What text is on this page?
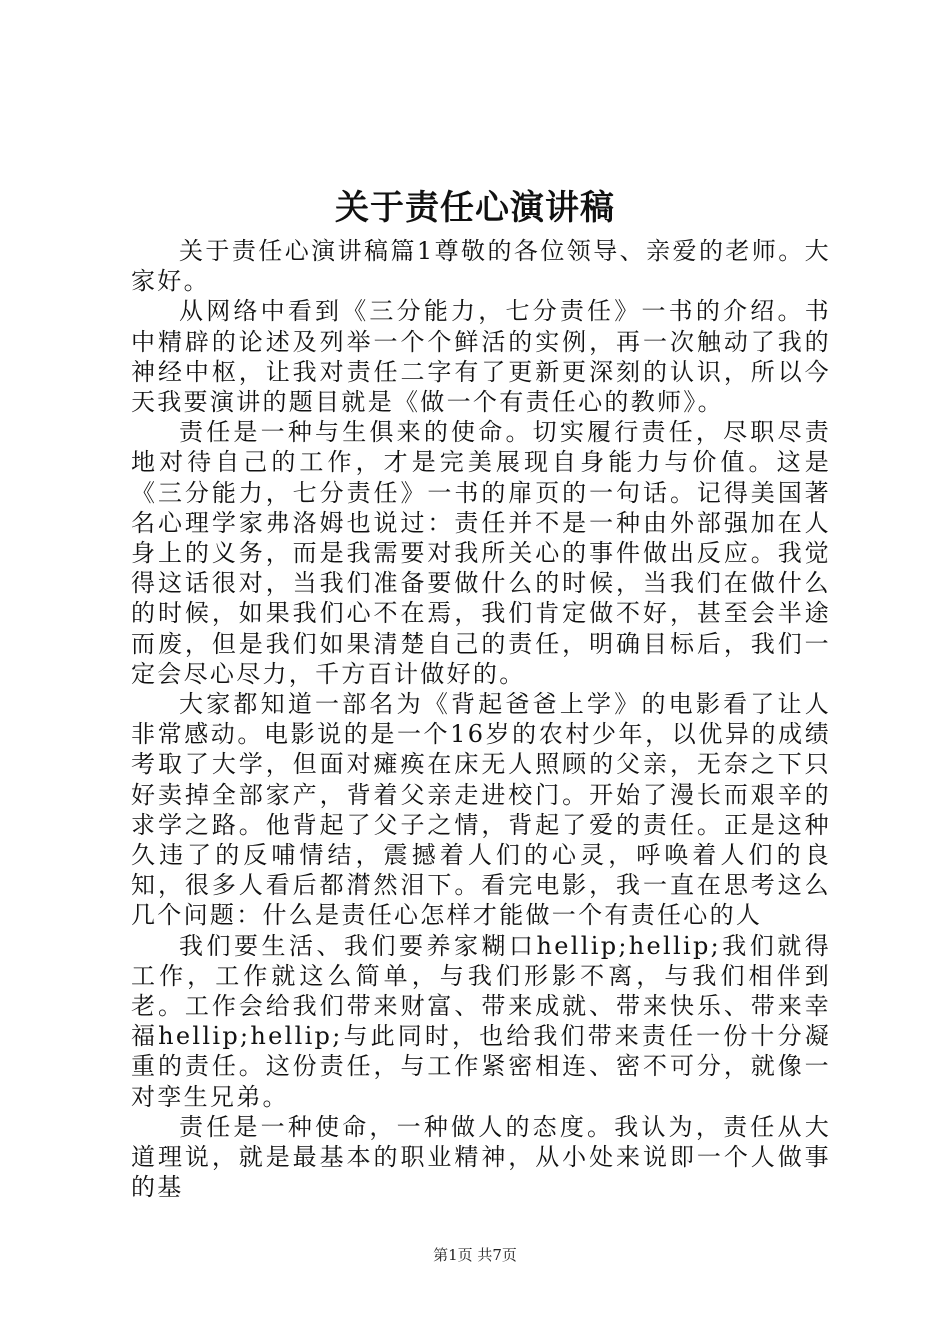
关于责任心演讲稿

关于责任心演讲稿篇1尊敬的各位领导、亲爱的老师。大家好。

从网络中看到《三分能力，七分责任》一书的介绍。书中精辟的论述及列举一个个鲜活的实例，再一次触动了我的神经中枢，让我对责任二字有了更新更深刻的认识，所以今天我要演讲的题目就是《做一个有责任心的教师》。

责任是一种与生俱来的使命。切实履行责任，尽职尽责地对待自己的工作，才是完美展现自身能力与价值。这是《三分能力，七分责任》一书的扉页的一句话。记得美国著名心理学家弗洛姆也说过：责任并不是一种由外部强加在人身上的义务，而是我需要对我所关心的事件做出反应。我觉得这话很对，当我们准备要做什么的时候，当我们在做什么的时候，如果我们心不在焉，我们肯定做不好，甚至会半途而废，但是我们如果清楚自己的责任，明确目标后，我们一定会尽心尽力，千方百计做好的。

大家都知道一部名为《背起爸爸上学》的电影看了让人非常感动。电影说的是一个16岁的农村少年，以优异的成绩考取了大学，但面对瘫痪在床无人照顾的父亲，无奈之下只好卖掉全部家产，背着父亲走进校门。开始了漫长而艰辛的求学之路。他背起了父子之情，背起了爱的责任。正是这种久违了的反哺情结，震撼着人们的心灵，呼唤着人们的良知，很多人看后都潸然泪下。看完电影，我一直在思考这么几个问题：什么是责任心怎样才能做一个有责任心的人

我们要生活、我们要养家糊口hellip;hellip;我们就得工作，工作就这么简单，与我们形影不离，与我们相伴到老。工作会给我们带来财富、带来成就、带来快乐、带来幸福hellip;hellip;与此同时，也给我们带来责任一份十分凝重的责任。这份责任，与工作紧密相连、密不可分，就像一对孪生兄弟。

责任是一种使命，一种做人的态度。我认为，责任从大道理说，就是最基本的职业精神，从小处来说即一个人做事的基

第1页 共7页
